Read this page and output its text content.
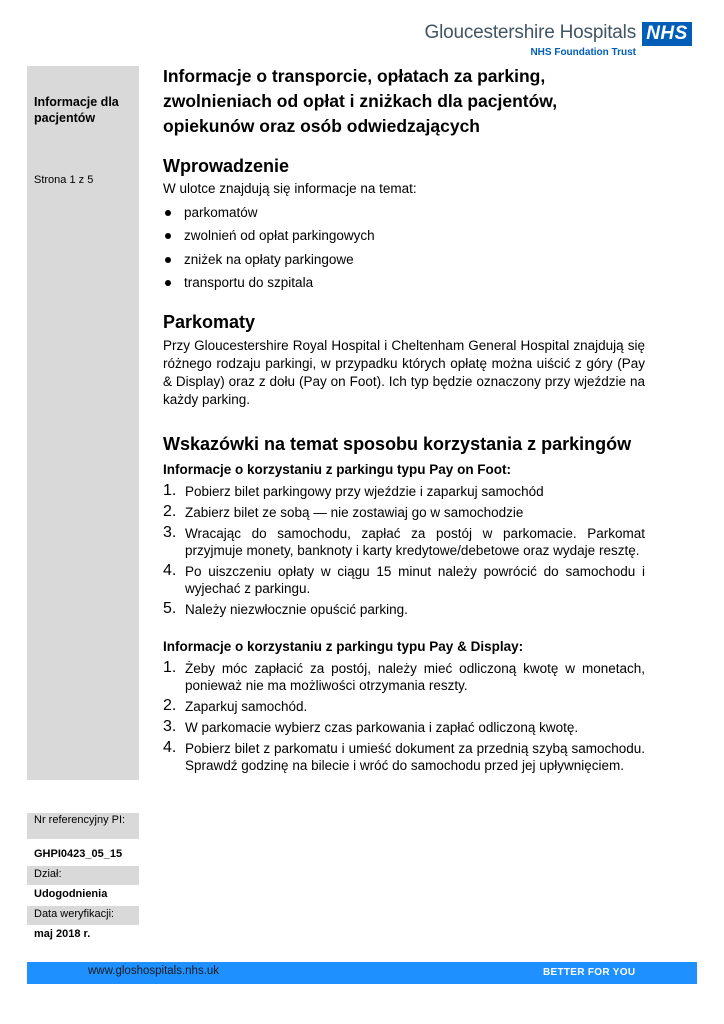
Gloucestershire Hospitals
NHS Foundation Trust
NHS
Informacje dla pacjentów
Strona 1 z 5
Nr referencyjny PI:
GHPI0423_05_15
Dział:
Udogodnienia
Data weryfikacji:
maj 2018 r.
Informacje o transporcie, opłatach za parking, zwolnieniach od opłat i zniżkach dla pacjentów, opiekunów oraz osób odwiedzających
Wprowadzenie

W ulotce znajdują się informacje na temat:

parkomatów
zwolnień od opłat parkingowych
zniżek na opłaty parkingowe
transportu do szpitala
Parkomaty

Przy Gloucestershire Royal Hospital i Cheltenham General Hospital znajdują się różnego rodzaju parkingi, w przypadku których opłatę można uiścić z góry (Pay & Display) oraz z dołu (Pay on Foot). Ich typ będzie oznaczony przy wjeździe na każdy parking.

Wskazówki na temat sposobu korzystania z parkingów

Informacje o korzystaniu z parkingu typu Pay on Foot:

1. Pobierz bilet parkingowy przy wjeździe i zaparkuj samochód
2. Zabierz bilet ze sobą — nie zostawiaj go w samochodzie
3. Wracając do samochodu, zapłać za postój w parkomacie. Parkomat przyjmuje monety, banknoty i karty kredytowe/debetowe oraz wydaje resztę.
4. Po uiszczeniu opłaty w ciągu 15 minut należy powrócić do samochodu i wyjechać z parkingu.
5. Należy niezwłocznie opuścić parking.

Informacje o korzystaniu z parkingu typu Pay & Display:

1. Żeby móc zapłacić za postój, należy mieć odliczoną kwotę w monetach, ponieważ nie ma możliwości otrzymania reszty.
2. Zaparkuj samochód.
3. W parkomacie wybierz czas parkowania i zapłać odliczoną kwotę.
4. Pobierz bilet z parkomatu i umieść dokument za przednią szybą samochodu. Sprawdź godzinę na bilecie i wróć do samochodu przed jej upływnięciem.
www.gloshospitals.nhs.uk	BETTER FOR YOU
